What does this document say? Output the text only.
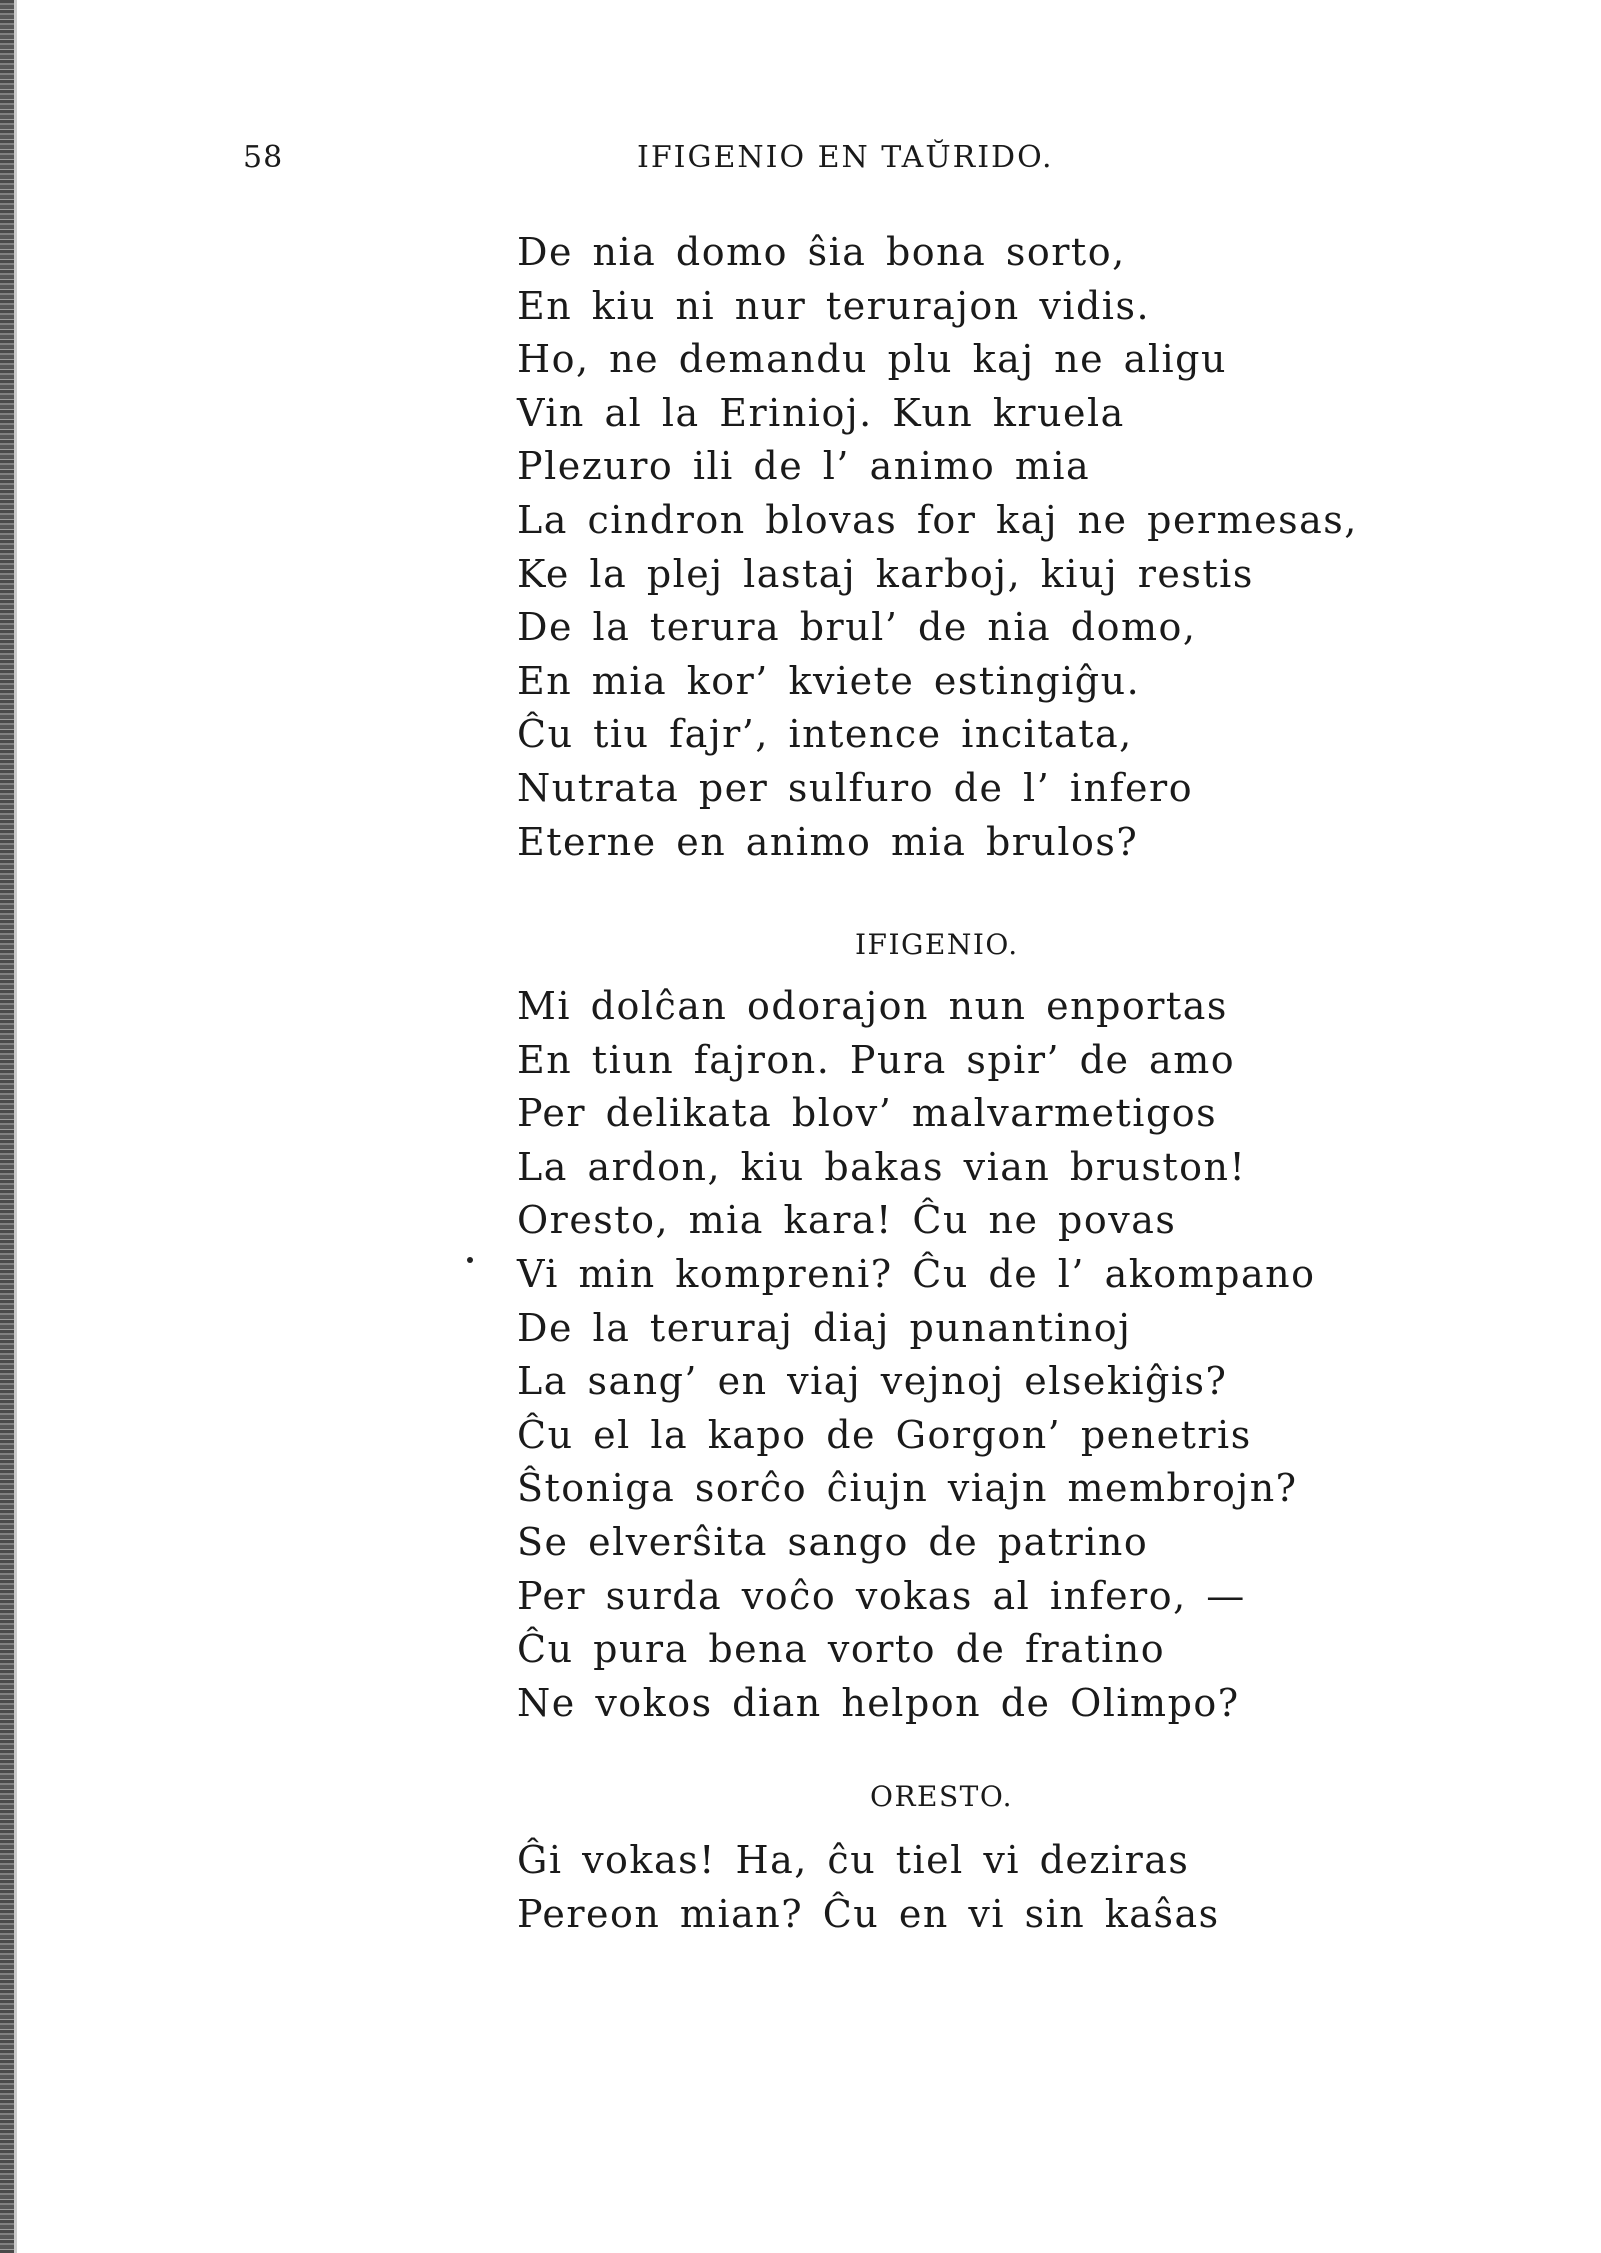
58	IFIGENIO EN TAŬRIDO.
De nia domo ŝia bona sorto,
En kiu ni nur terurajon vidis.
Ho, ne demandu plu kaj ne aligu
Vin al la Erinioj. Kun kruela
Plezuro ili de l’ animo mia
La cindron blovas for kaj ne permesas,
Ke la plej lastaj karboj, kiuj restis
De la terura brul’ de nia domo,
En mia kor’ kviete estingiĝu.
Ĉu tiu fajr’, intence incitata,
Nutrata per sulfuro de l’ infero
Eterne en animo mia brulos?
IFIGENIO.
Mi dolĉan odorajon nun enportas
En tiun fajron. Pura spir’ de amo
Per delikata blov’ malvarmetigos
La ardon, kiu bakas vian bruston!
Oresto, mia kara! Ĉu ne povas
Vi min kompreni? Ĉu de l’ akompano
De la teruraj diaj punantinoj
La sang’ en viaj vejnoj elsekiĝis?
Ĉu el la kapo de Gorgon’ penetris
Ŝtoniga sorĉo ĉiujn viajn membrojn?
Se elverŝita sango de patrino
Per surda voĉo vokas al infero, —
Ĉu pura bena vorto de fratino
Ne vokos dian helpon de Olimpo?
ORESTO.
Ĝi vokas! Ha, ĉu tiel vi deziras
Pereon mian? Ĉu en vi sin kaŝas
